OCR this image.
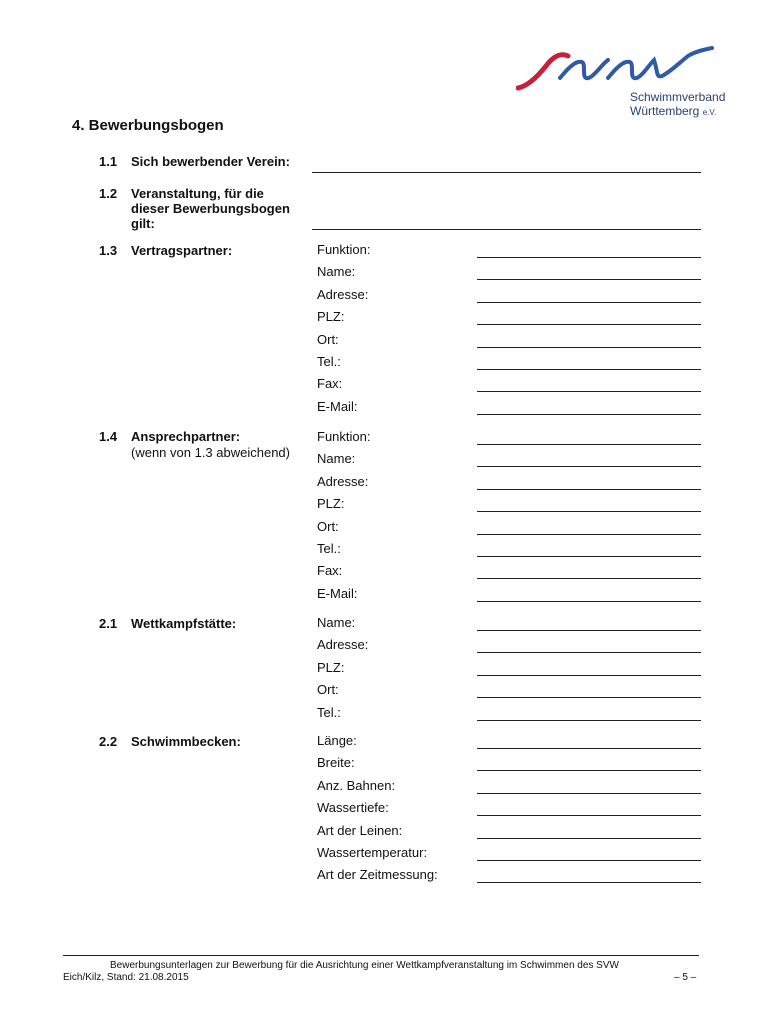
Schwimmverband
Württemberg e.V.
4. Bewerbungsbogen
1.1 Sich bewerbender Verein:
1.2 Veranstaltung, für die
dieser Bewerbungsbogen
gilt:
1.3 Vertragspartner:	Funktion:
Name:
Adresse:
PLZ:
Ort:
Tel.:
Fax:
E-Mail:
1.4 Ansprechpartner:
(wenn von 1.3 abweichend)
Funktion:
Name:
Adresse:
PLZ:
Ort:
Tel.:
Fax:
E-Mail:
2.1 Wettkampfstätte:	Name:
Adresse:
PLZ:
Ort:
Tel.:
2.2 Schwimmbecken:	Länge:
Breite:
Anz. Bahnen:
Wassertiefe:
Art der Leinen:
Wassertemperatur:
Art der Zeitmessung:
Bewerbungsunterlagen zur Bewerbung für die Ausrichtung einer Wettkampfveranstaltung im Schwimmen des SVW
Eich/Kilz, Stand: 21.08.2015	– 5 –
